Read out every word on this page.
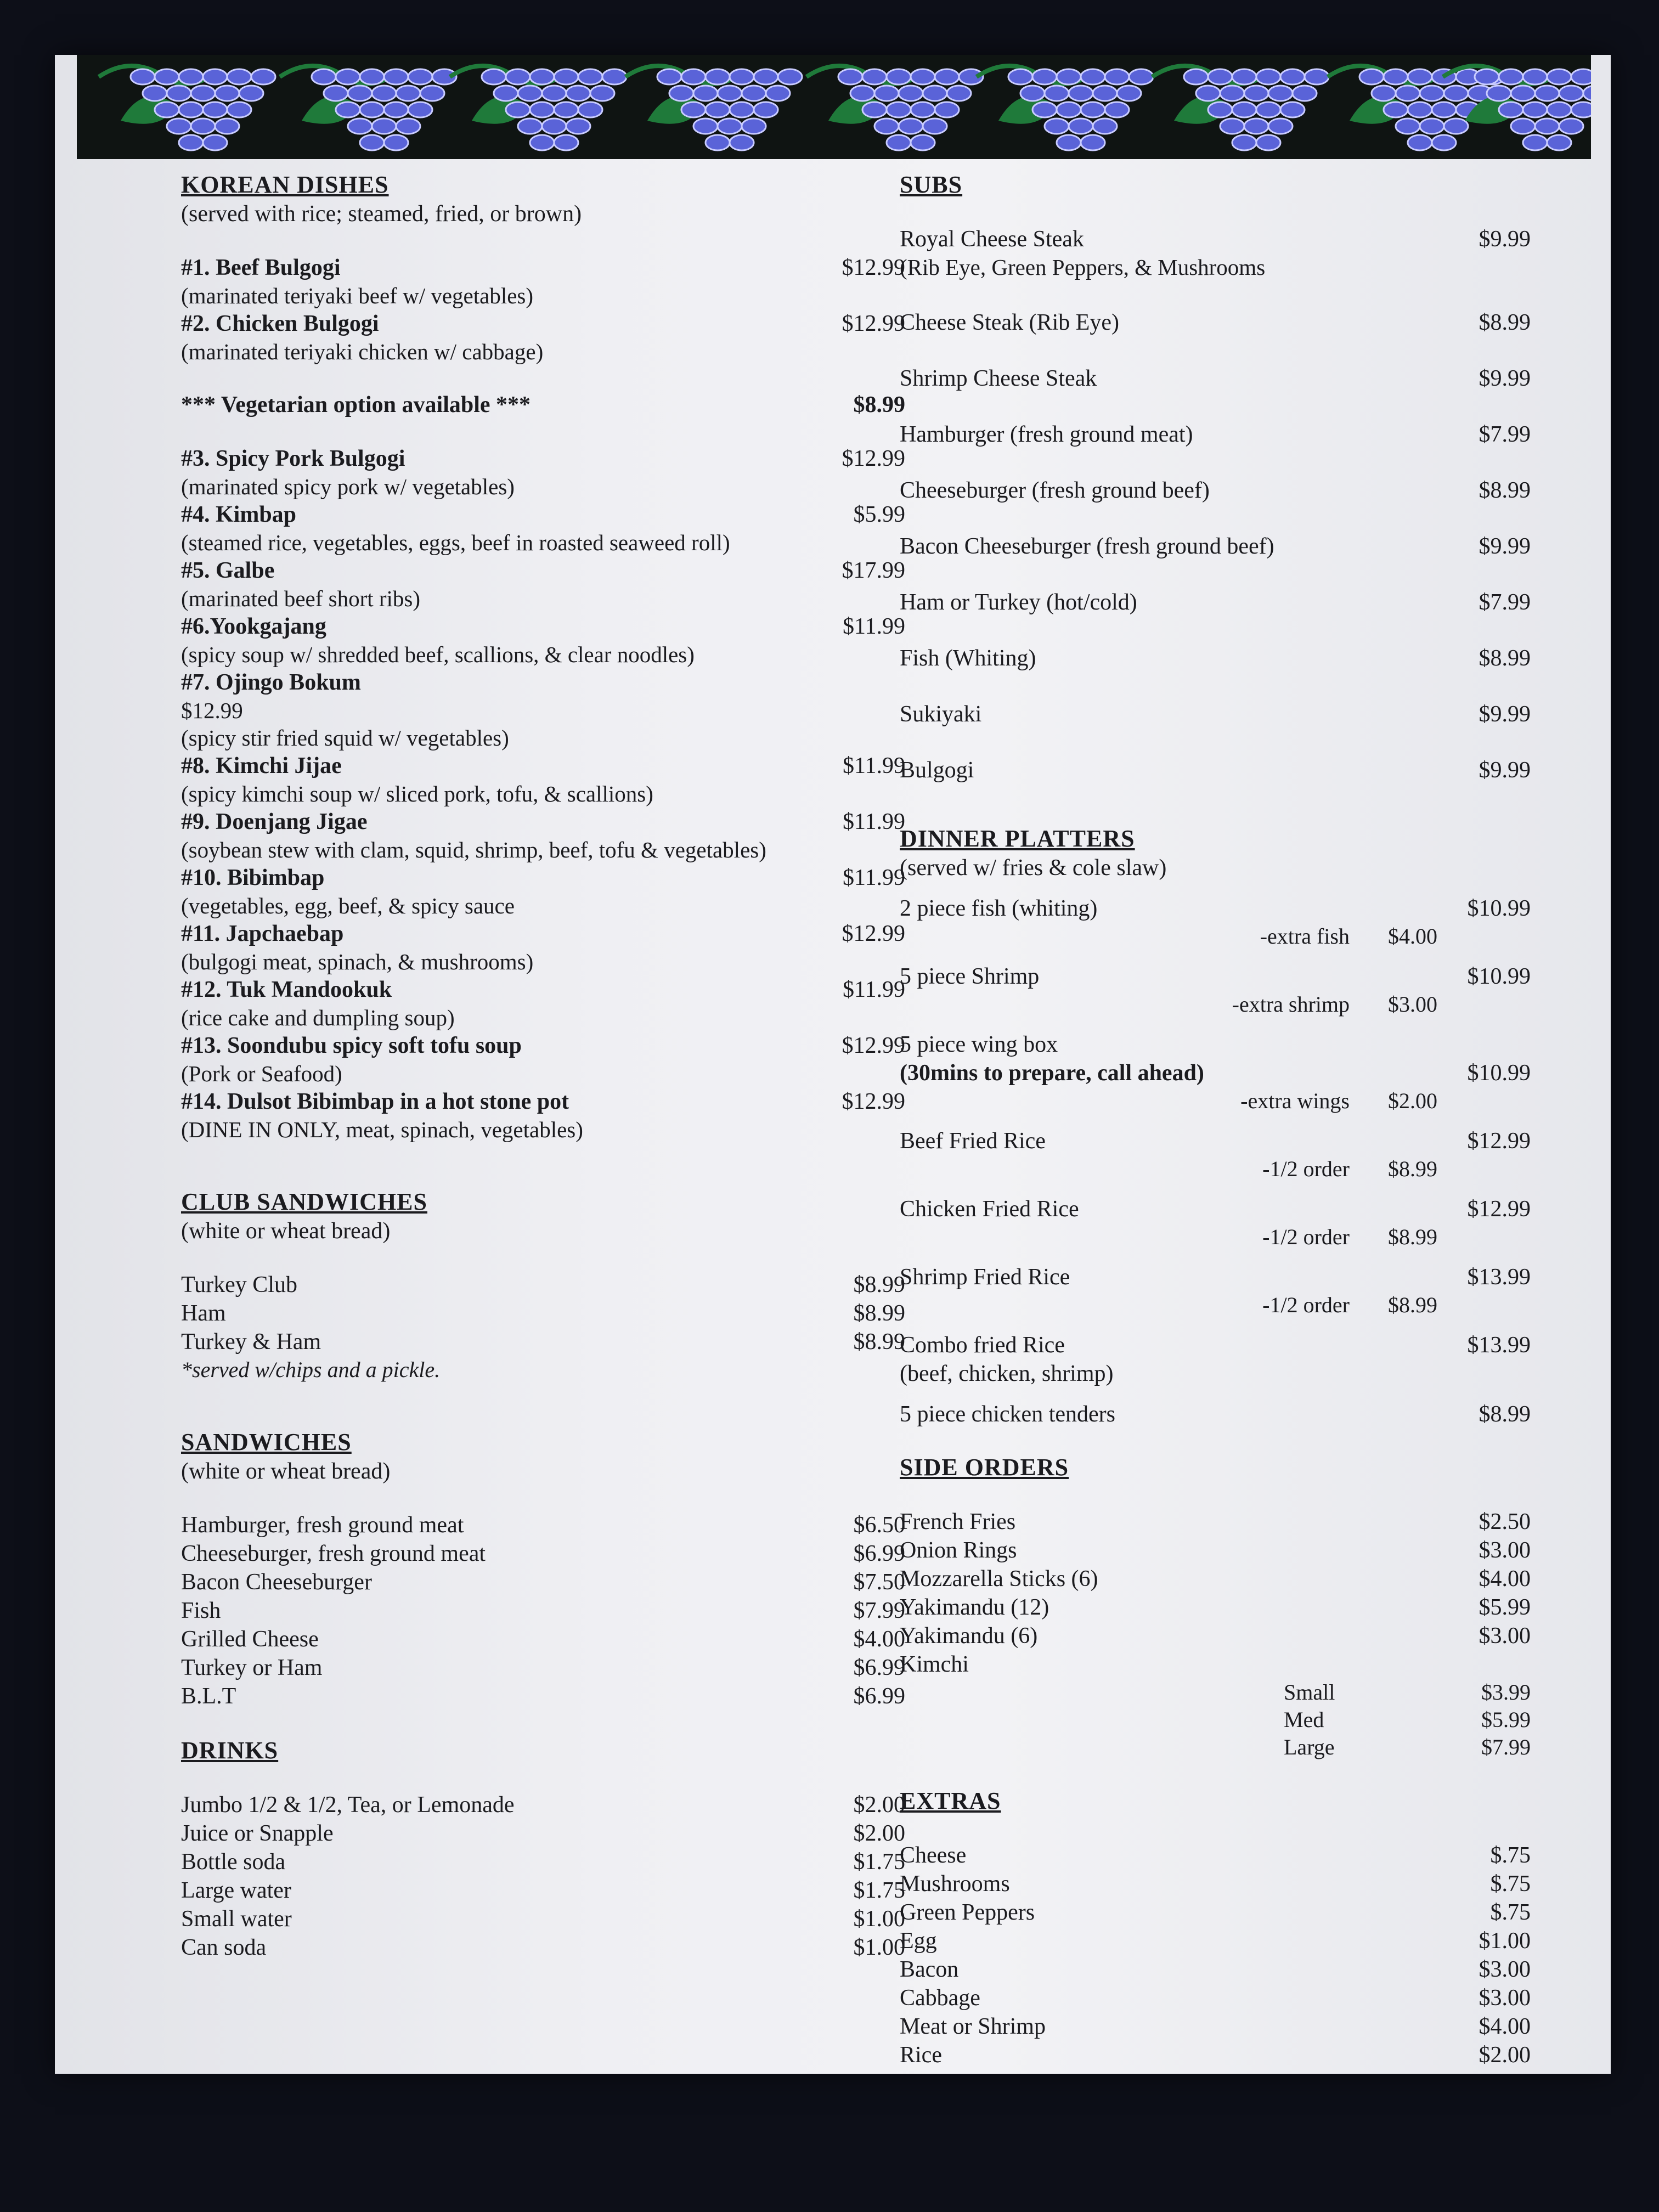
KOREAN DISHES
(served with rice; steamed, fried, or brown)
#1. Beef Bulgogi	$12.99
(marinated teriyaki beef w/ vegetables)
#2. Chicken Bulgogi	$12.99
(marinated teriyaki chicken w/ cabbage)
*** Vegetarian option available ***	$8.99
#3. Spicy Pork Bulgogi	$12.99
(marinated spicy pork w/ vegetables)
#4. Kimbap	$5.99
(steamed rice, vegetables, eggs, beef in roasted seaweed roll)
#5. Galbe	$17.99
(marinated beef short ribs)
#6.Yookgajang	$11.99
(spicy soup w/ shredded beef, scallions, & clear noodles)
#7. Ojingo Bokum
$12.99
(spicy stir fried squid w/ vegetables)
#8. Kimchi Jijae	$11.99
(spicy kimchi soup w/ sliced pork, tofu, & scallions)
#9. Doenjang Jigae	$11.99
(soybean stew with clam, squid, shrimp, beef, tofu & vegetables)
#10. Bibimbap	$11.99
(vegetables, egg, beef, & spicy sauce
#11. Japchaebap	$12.99
(bulgogi meat, spinach, & mushrooms)
#12. Tuk Mandookuk	$11.99
(rice cake and dumpling soup)
#13. Soondubu spicy soft tofu soup	$12.99
(Pork or Seafood)
#14. Dulsot Bibimbap in a hot stone pot	$12.99
(DINE IN ONLY, meat, spinach, vegetables)
CLUB SANDWICHES
(white or wheat bread)
Turkey Club	$8.99
Ham	$8.99
Turkey & Ham	$8.99
*served w/chips and a pickle.
SANDWICHES
(white or wheat bread)
Hamburger, fresh ground meat	$6.50
Cheeseburger, fresh ground meat	$6.99
Bacon Cheeseburger	$7.50
Fish	$7.99
Grilled Cheese	$4.00
Turkey or Ham	$6.99
B.L.T	$6.99
DRINKS
Jumbo 1/2 & 1/2, Tea, or Lemonade	$2.00
Juice or Snapple	$2.00
Bottle soda	$1.75
Large water	$1.75
Small water	$1.00
Can soda	$1.00
SUBS
Royal Cheese Steak	$9.99
(Rib Eye, Green Peppers, & Mushrooms
Cheese Steak (Rib Eye)	$8.99
Shrimp Cheese Steak	$9.99
Hamburger (fresh ground meat)	$7.99
Cheeseburger (fresh ground beef)	$8.99
Bacon Cheeseburger (fresh ground beef)	$9.99
Ham or Turkey (hot/cold)	$7.99
Fish (Whiting)	$8.99
Sukiyaki	$9.99
Bulgogi	$9.99
DINNER PLATTERS
(served w/ fries & cole slaw)
2 piece fish (whiting)	$10.99
-extra fish	$4.00
5 piece Shrimp	$10.99
-extra shrimp	$3.00
5 piece wing box
(30mins to prepare, call ahead)	$10.99
-extra wings	$2.00
Beef Fried Rice	$12.99
-1/2 order	$8.99
Chicken Fried Rice	$12.99
-1/2 order	$8.99
Shrimp Fried Rice	$13.99
-1/2 order	$8.99
Combo fried Rice	$13.99
(beef, chicken, shrimp)
5 piece chicken tenders	$8.99
SIDE ORDERS
French Fries	$2.50
Onion Rings	$3.00
Mozzarella Sticks (6)	$4.00
Yakimandu (12)	$5.99
Yakimandu (6)	$3.00
Kimchi
Small	$3.99
Med	$5.99
Large	$7.99
EXTRAS
Cheese	$.75
Mushrooms	$.75
Green Peppers	$.75
Egg	$1.00
Bacon	$3.00
Cabbage	$3.00
Meat or Shrimp	$4.00
Rice	$2.00
